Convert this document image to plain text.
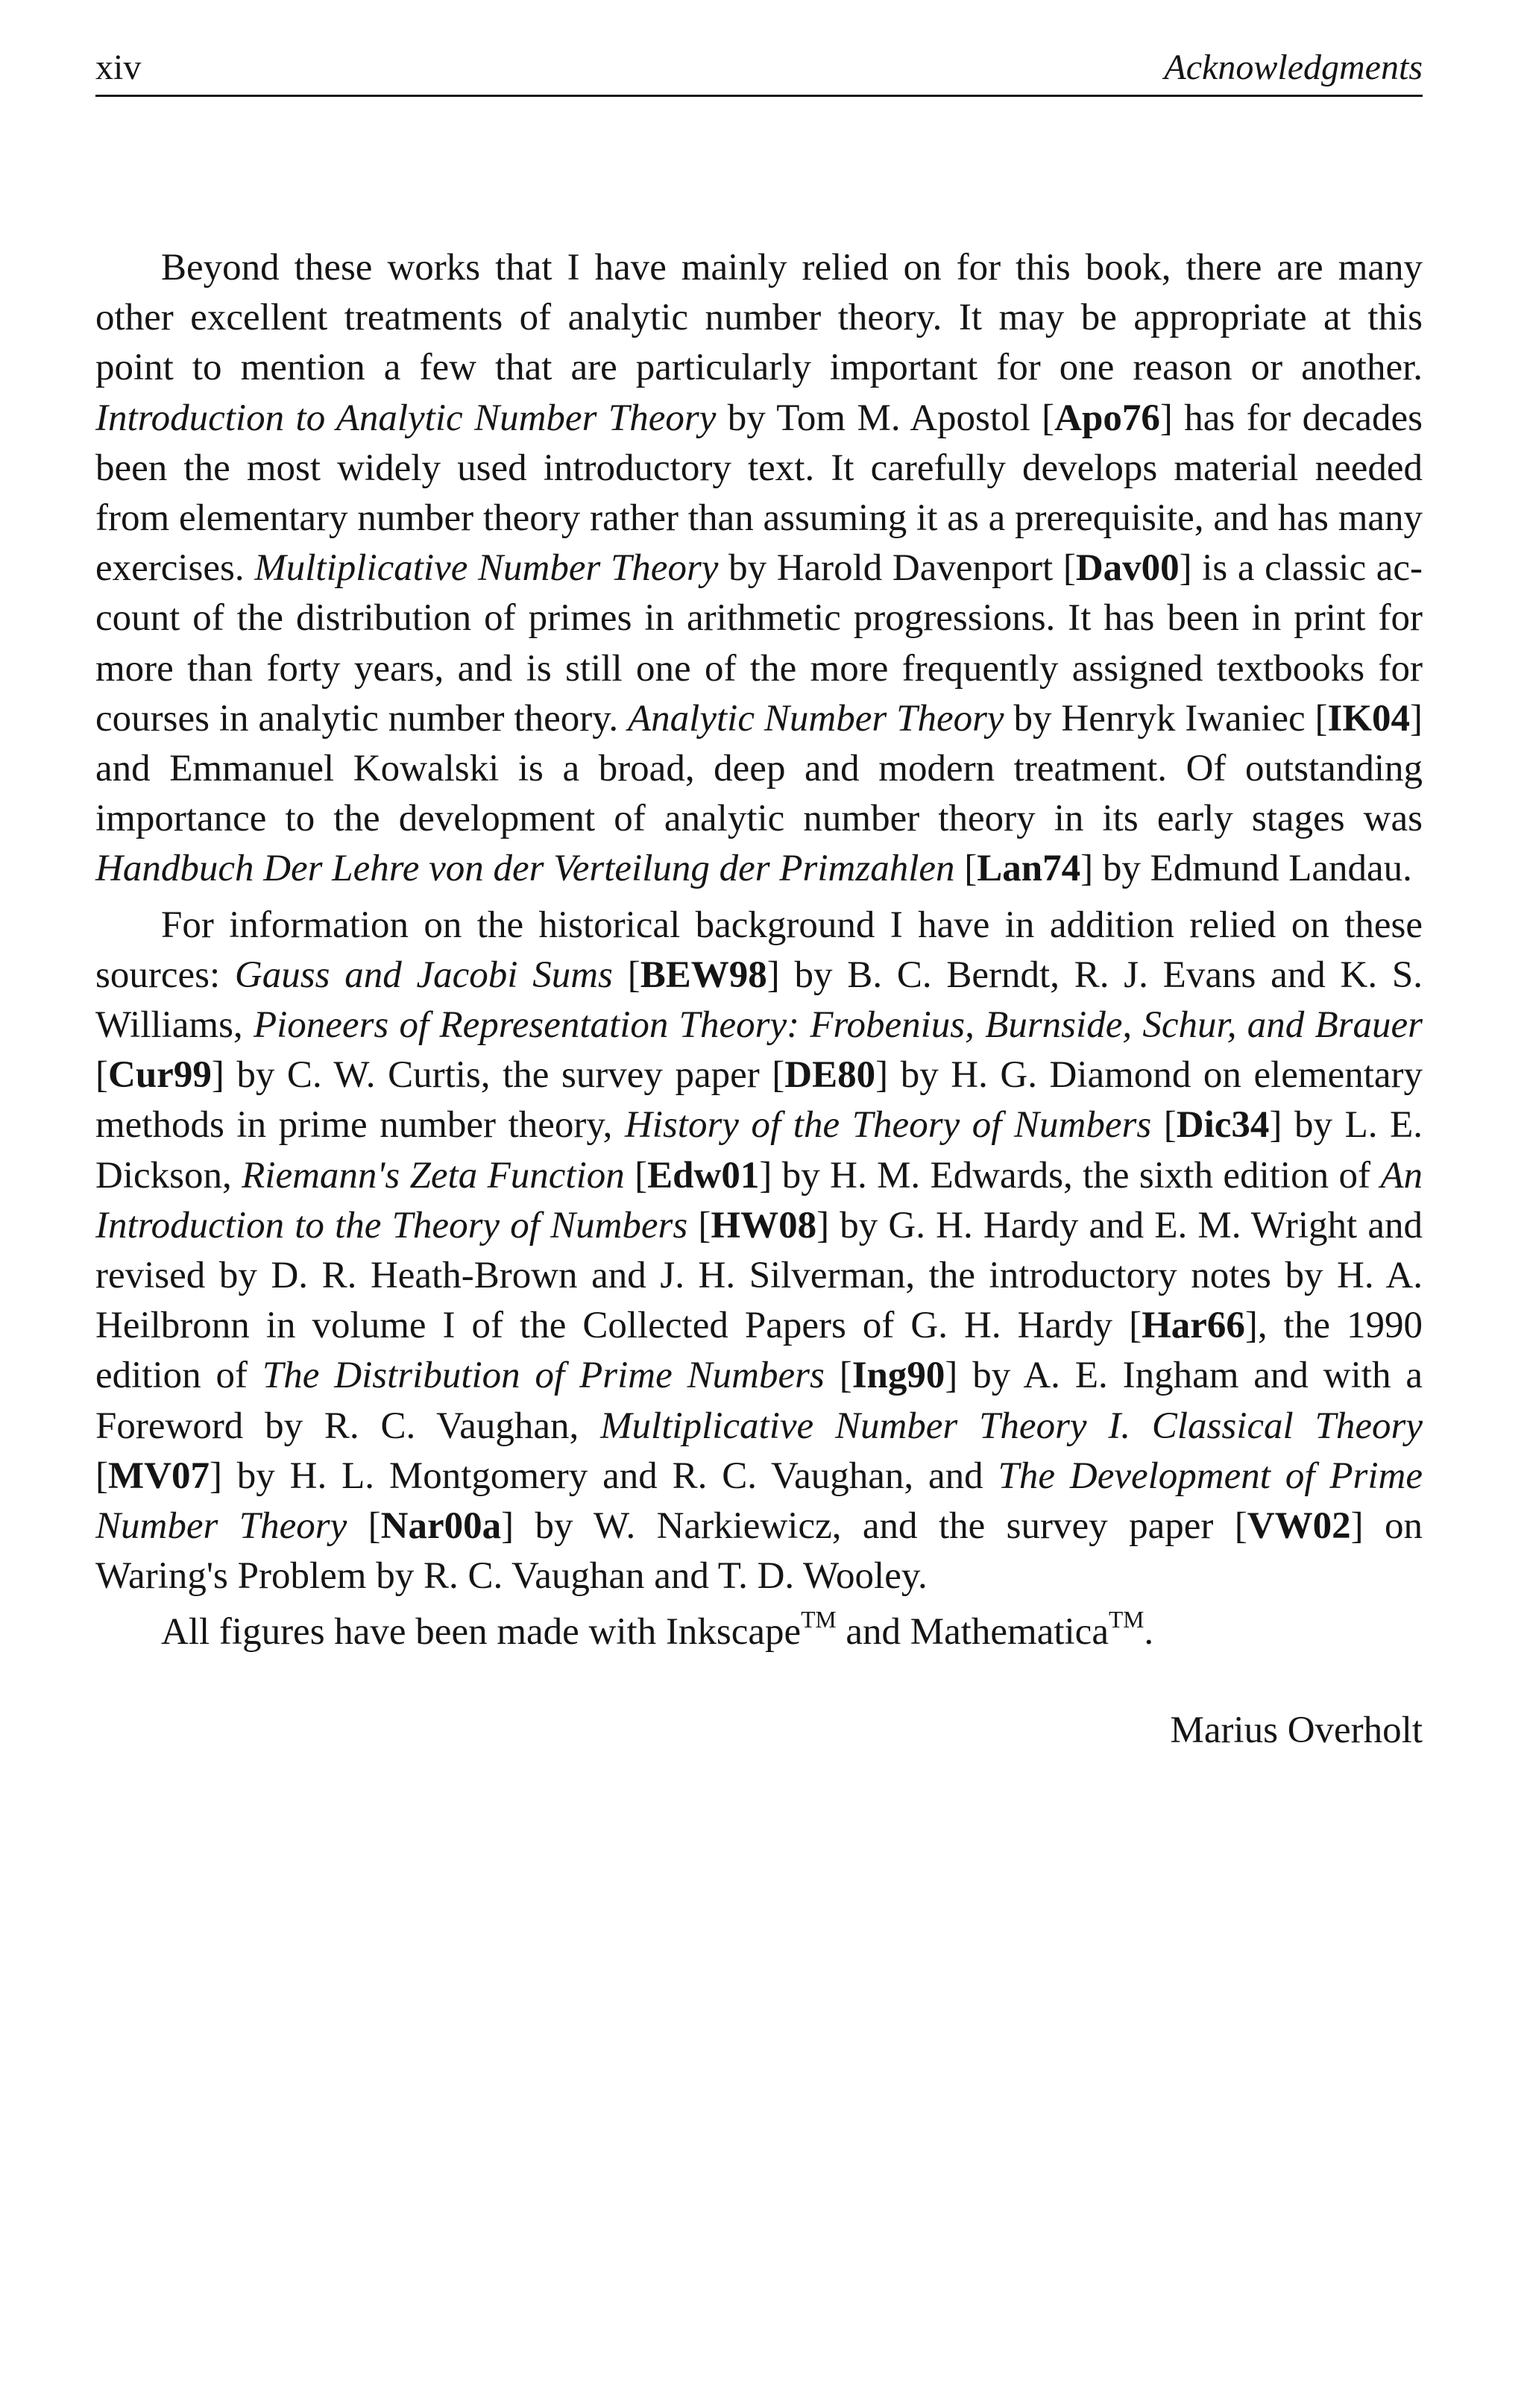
xiv	Acknowledgments

Beyond these works that I have mainly relied on for this book, there are many other excellent treatments of analytic number theory. It may be appropriate at this point to mention a few that are particularly important for one reason or another. Introduction to Analytic Number Theory by Tom M. Apostol [Apo76] has for decades been the most widely used introductory text. It carefully develops material needed from elementary number theory rather than assuming it as a prerequisite, and has many exercises. Multiplicative Number Theory by Harold Davenport [Dav00] is a classic account of the distribution of primes in arithmetic progressions. It has been in print for more than forty years, and is still one of the more frequently assigned textbooks for courses in analytic number theory. Analytic Number Theory by Henryk Iwaniec [IK04] and Emmanuel Kowalski is a broad, deep and modern treatment. Of outstanding importance to the development of analytic number theory in its early stages was Handbuch Der Lehre von der Verteilung der Primzahlen [Lan74] by Edmund Landau.

For information on the historical background I have in addition relied on these sources: Gauss and Jacobi Sums [BEW98] by B. C. Berndt, R. J. Evans and K. S. Williams, Pioneers of Representation Theory: Frobenius, Burnside, Schur, and Brauer [Cur99] by C. W. Curtis, the survey paper [DE80] by H. G. Diamond on elementary methods in prime number theory, History of the Theory of Numbers [Dic34] by L. E. Dickson, Riemann's Zeta Function [Edw01] by H. M. Edwards, the sixth edition of An Introduction to the Theory of Numbers [HW08] by G. H. Hardy and E. M. Wright and revised by D. R. Heath-Brown and J. H. Silverman, the introductory notes by H. A. Heilbronn in volume I of the Collected Papers of G. H. Hardy [Har66], the 1990 edition of The Distribution of Prime Numbers [Ing90] by A. E. Ingham and with a Foreword by R. C. Vaughan, Multiplicative Number Theory I. Classical Theory [MV07] by H. L. Montgomery and R. C. Vaughan, and The Development of Prime Number Theory [Nar00a] by W. Narkiewicz, and the survey paper [VW02] on Waring's Problem by R. C. Vaughan and T. D. Wooley.

All figures have been made with Inkscape™ and Mathematica™.

Marius Overholt
